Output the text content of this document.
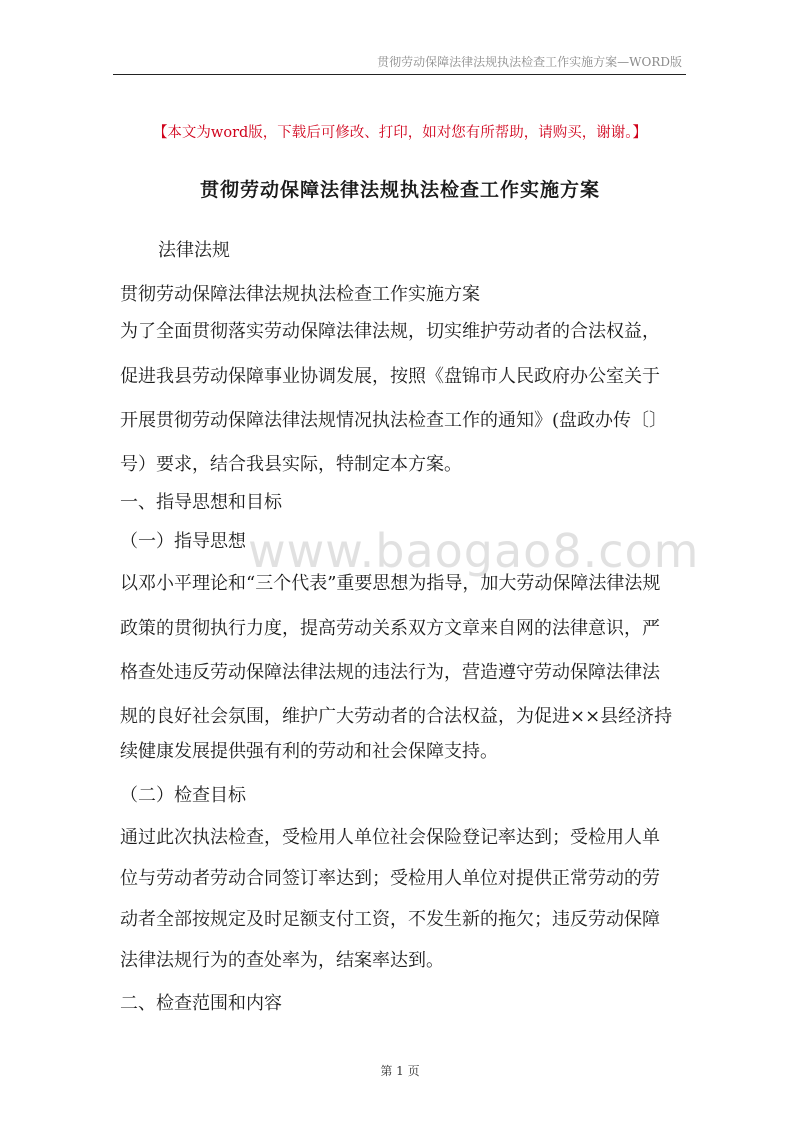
贯彻劳动保障法律法规执法检查工作实施方案—WORD版
【本文为word版，下载后可修改、打印，如对您有所帮助，请购买，谢谢。】
贯彻劳动保障法律法规执法检查工作实施方案
法律法规
贯彻劳动保障法律法规执法检查工作实施方案
为了全面贯彻落实劳动保障法律法规，切实维护劳动者的合法权益，
促进我县劳动保障事业协调发展，按照《盘锦市人民政府办公室关于
开展贯彻劳动保障法律法规情况执法检查工作的通知》(盘政办传〔〕
号）要求，结合我县实际，特制定本方案。
一、指导思想和目标
（一）指导思想
以邓小平理论和“三个代表”重要思想为指导，加大劳动保障法律法规
政策的贯彻执行力度，提高劳动关系双方文章来自网的法律意识，严
格查处违反劳动保障法律法规的违法行为，营造遵守劳动保障法律法
规的良好社会氛围，维护广大劳动者的合法权益，为促进××县经济持
续健康发展提供强有利的劳动和社会保障支持。
（二）检查目标
通过此次执法检查，受检用人单位社会保险登记率达到；受检用人单
位与劳动者劳动合同签订率达到；受检用人单位对提供正常劳动的劳
动者全部按规定及时足额支付工资，不发生新的拖欠；违反劳动保障
法律法规行为的查处率为，结案率达到。
二、检查范围和内容
www.baogao8.com
第 1 页
